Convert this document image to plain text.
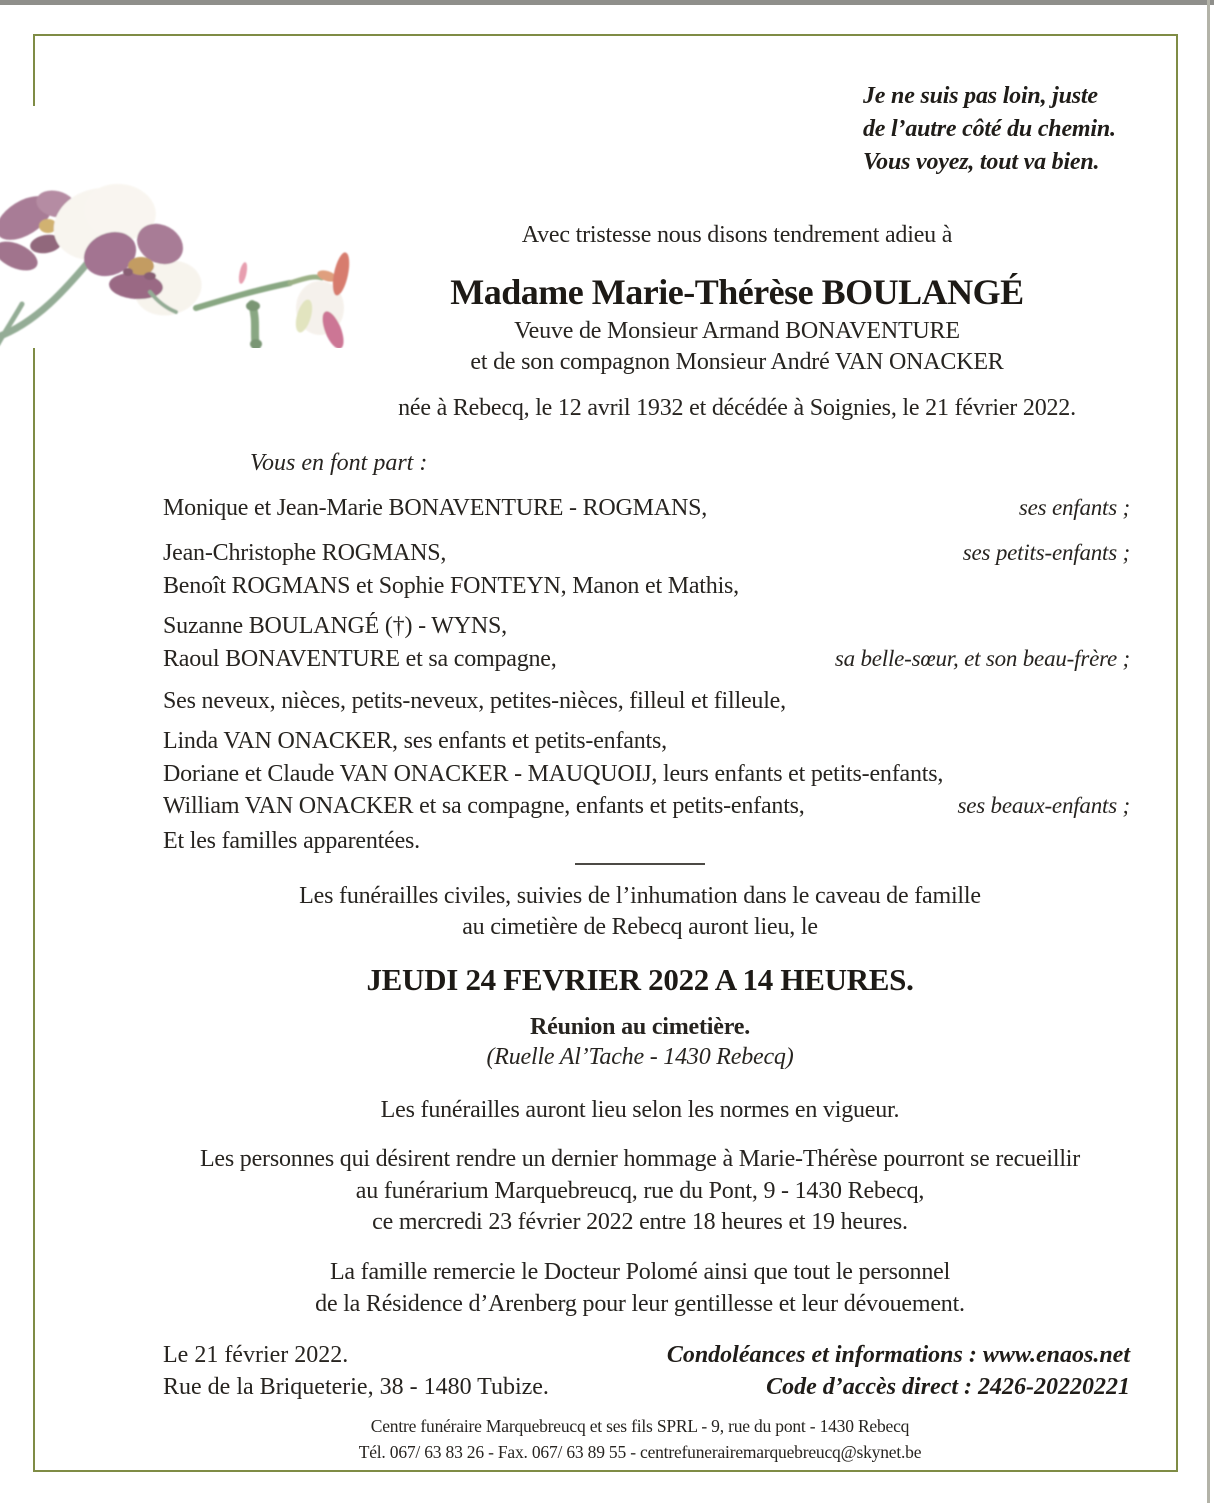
Je ne suis pas loin, juste
de l’autre côté du chemin.
Vous voyez, tout va bien.
Avec tristesse nous disons tendrement adieu à
Madame Marie-Thérèse BOULANGÉ
Veuve de Monsieur Armand BONAVENTURE
et de son compagnon Monsieur André VAN ONACKER
née à Rebecq, le 12 avril 1932 et décédée à Soignies, le 21 février 2022.
Vous en font part :
Monique et Jean-Marie BONAVENTURE - ROGMANS,	ses enfants ;
Jean-Christophe ROGMANS,	ses petits-enfants ;
Benoît ROGMANS et Sophie FONTEYN, Manon et Mathis,
Suzanne BOULANGÉ (†) - WYNS,
Raoul BONAVENTURE et sa compagne,	sa belle-sœur, et son beau-frère ;
Ses neveux, nièces, petits-neveux, petites-nièces, filleul et filleule,
Linda VAN ONACKER, ses enfants et petits-enfants,
Doriane et Claude VAN ONACKER - MAUQUOIJ, leurs enfants et petits-enfants,
William VAN ONACKER et sa compagne, enfants et petits-enfants,	ses beaux-enfants ;
Et les familles apparentées.
Les funérailles civiles, suivies de l’inhumation dans le caveau de famille
au cimetière de Rebecq auront lieu, le
JEUDI 24 FEVRIER 2022 A 14 HEURES.
Réunion au cimetière.
(Ruelle Al’Tache - 1430 Rebecq)
Les funérailles auront lieu selon les normes en vigueur.
Les personnes qui désirent rendre un dernier hommage à Marie-Thérèse pourront se recueillir
au funérarium Marquebreucq, rue du Pont, 9 - 1430 Rebecq,
ce mercredi 23 février 2022 entre 18 heures et 19 heures.
La famille remercie le Docteur Polomé ainsi que tout le personnel
de la Résidence d’Arenberg pour leur gentillesse et leur dévouement.
Le 21 février 2022.
Rue de la Briqueterie, 38 - 1480 Tubize.
Condoléances et informations : www.enaos.net
Code d’accès direct : 2426-20220221
Centre funéraire Marquebreucq et ses fils SPRL - 9, rue du pont - 1430 Rebecq
Tél. 067/ 63 83 26 - Fax. 067/ 63 89 55 - centrefunerairemarquebreucq@skynet.be
